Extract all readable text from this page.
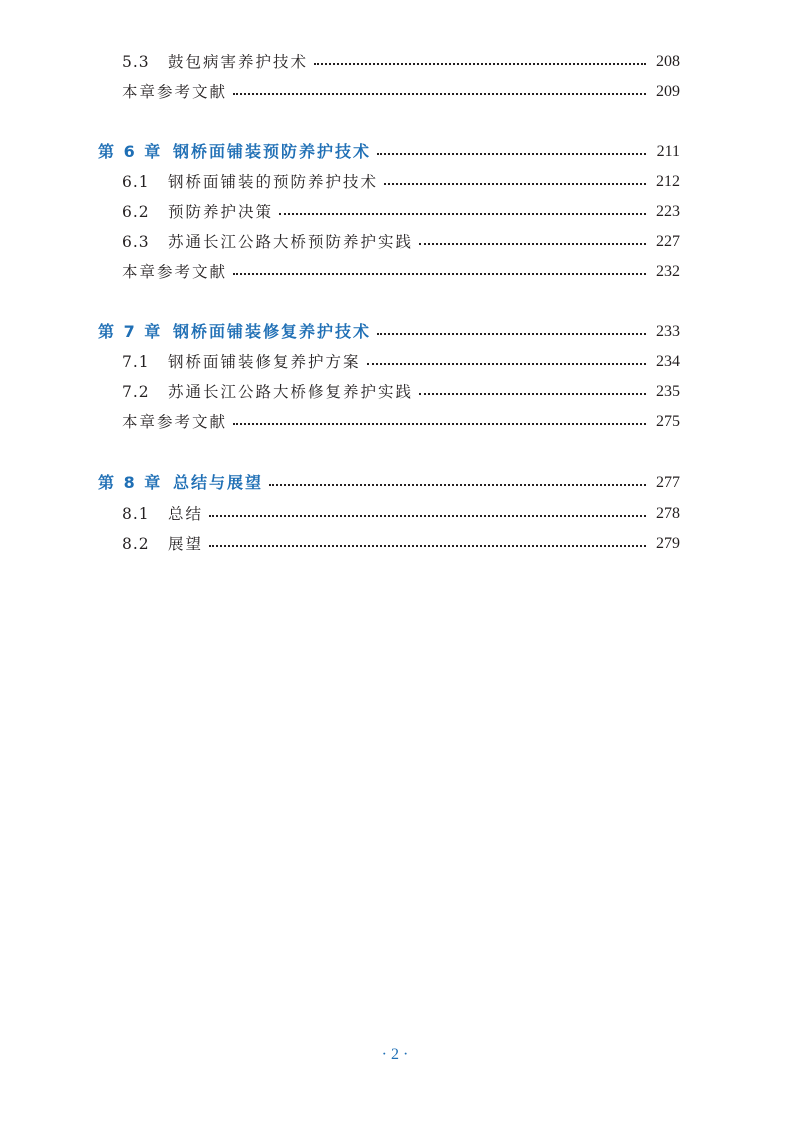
5.3	鼓包病害养护技术	208
本章参考文献	209
第 6 章 钢桥面铺装预防养护技术	211
6.1	钢桥面铺装的预防养护技术	212
6.2	预防养护决策	223
6.3	苏通长江公路大桥预防养护实践	227
本章参考文献	232
第 7 章 钢桥面铺装修复养护技术	233
7.1	钢桥面铺装修复养护方案	234
7.2	苏通长江公路大桥修复养护实践	235
本章参考文献	275
第 8 章 总结与展望	277
8.1	总结	278
8.2	展望	279
· 2 ·
